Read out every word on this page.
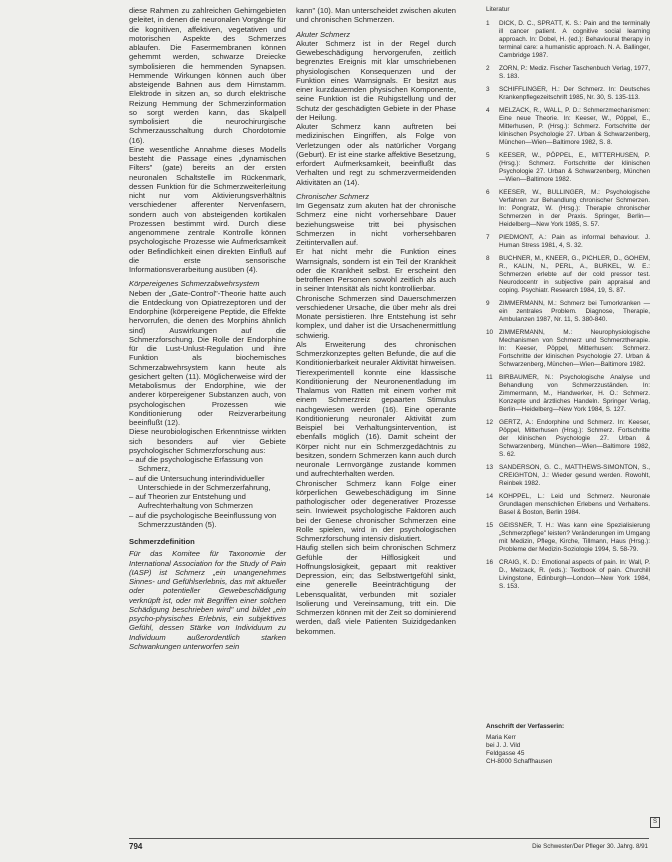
diese Rahmen zu zahlreichen Gehirngebieten geleitet, in denen die neuronalen Vorgänge für die kognitiven, affektiven, vegetativen und motorischen Aspekte des Schmerzes ablaufen. Die Fasermembranen können gehemmt werden, schwarze Dreiecke symbolisieren die hemmenden Synapsen. Hemmende Wirkungen können auch über absteigende Bahnen aus dem Hirnstamm. Elektrode in sitzen an, so durch elektrische Reizung Hemmung der Schmerzinformation so sorgt werden kann, das Skalpell symbolisiert die neurochirurgische Schmerzausschaltung durch Chordotomie (16).

Eine wesentliche Annahme dieses Modells besteht die Passage eines „dynamischen Filters" (gate) bereits an der ersten neuronalen Schaltstelle im Rückenmark, dessen Funktion für die Schmerzweiterleitung nicht nur vom Aktivierungsverhältnis verschiedener afferenter Nervenfasern, sondern auch von absteigenden kortikalen Prozessen bestimmt wird. Durch diese angenommene zentrale Kontrolle können psychologische Prozesse wie Aufmerksamkeit oder Befindlichkeit einen direkten Einfluß auf die erste sensorische Informationsverarbeitung ausüben (4).

Körpereigenes Schmerzabwehrsystem

Neben der „Gate-Control"-Theorie hatte auch die Entdeckung von Opiatrezeptoren und der Endorphine (körpereigene Peptide, die Effekte hervorrufen, die denen des Morphins ähnlich sind) Auswirkungen auf die Schmerzforschung. Die Rolle der Endorphine für die Lust-Unlust-Regulation und ihre Funktion als biochemisches Schmerzabwehrsystem kann heute als gesichert gelten (11). Möglicherweise wird der Metabolismus der Endorphine, wie der anderer körpereigener Substanzen auch, von psychologischen Prozessen wie Konditionierung oder Reizverarbeitung beeinflußt (12).

Diese neurobiologischen Erkenntnisse wirkten sich besonders auf vier Gebiete psychologischer Schmerzforschung aus:

– auf die psychologische Erfassung von Schmerz,
– auf die Untersuchung interindividueller Unterschiede in der Schmerzerfahrung,
– auf Theorien zur Entstehung und Aufrechterhaltung von Schmerzen
– auf die psychologische Beeinflussung von Schmerzzuständen (5).
Schmerzdefinition

Für das Komitee für Taxonomie der International Association for the Study of Pain (IASP) ist Schmerz „ein unangenehmes Sinnes- und Gefühlserlebnis, das mit aktueller oder potentieller Gewebeschädigung verknüpft ist, oder mit Begriffen einer solchen Schädigung beschrieben wird" und bildet „ein psycho-physisches Erlebnis, ein subjektives Gefühl, dessen Stärke von Individuum zu Individuum außerordentlich starken Schwankungen unterworfen sein

kann" (10). Man unterscheidet zwischen akuten und chronischen Schmerzen.

Akuter Schmerz

Akuter Schmerz ist in der Regel durch Gewebeschädigung hervorgerufen, zeitlich begrenztes Ereignis mit klar umschriebenen physiologischen Konsequenzen und der Funktion eines Warnsignals. Er besitzt aus einer kurzdauernden physischen Komponente, seine Funktion ist die Ruhigstellung und der Schutz der geschädigten Gebiete in der Phase der Heilung.

Akuter Schmerz kann auftreten bei medizinischen Eingriffen, als Folge von Verletzungen oder als natürlicher Vorgang (Geburt). Er ist eine starke affektive Besetzung, erfordert Aufmerksamkeit, beeinflußt das Verhalten und regt zu schmerzvermeidenden Aktivitäten an (14).

Chronischer Schmerz

Im Gegensatz zum akuten hat der chronische Schmerz eine nicht vorhersehbare Dauer beziehungsweise tritt bei physischen Schmerzen in nicht vorhersehbaren Zeitintervallen auf.

Er hat nicht mehr die Funktion eines Warnsignals, sondern ist ein Teil der Krankheit oder die Krankheit selbst. Er erscheint den betroffenen Personen sowohl zeitlich als auch in seiner Intensität als nicht kontrollierbar.

Chronische Schmerzen sind Dauerschmerzen verschiedener Ursache, die über mehr als drei Monate persistieren. Ihre Entstehung ist sehr komplex, und daher ist die Ursachenermittlung schwierig.

Als Erweiterung des chronischen Schmerzkonzeptes gelten Befunde, die auf die Konditionierbarkeit neuraler Aktivität hinweisen. Tierexperimentell konnte eine klassische Konditionierung der Neuronenentladung im Thalamus von Ratten mit einem vorher mit einem Schmerzreiz gepaarten Stimulus nachgewiesen werden (16). Eine operante Konditionierung neuronaler Aktivität zum Beispiel bei Verhaltungsintervention, ist ebenfalls möglich (16). Damit scheint der Körper nicht nur ein Schmerzgedächtnis zu besitzen, sondern Schmerzen kann auch durch neuronale Lernvorgänge zustande kommen und aufrechterhalten werden.

Chronischer Schmerz kann Folge einer körperlichen Gewebeschädigung im Sinne pathologischer oder degenerativer Prozesse sein. Inwieweit psychologische Faktoren auch bei der Genese chronischer Schmerzen eine Rolle spielen, wird in der psychologischen Schmerzforschung intensiv diskutiert.

Häufig stellen sich beim chronischen Schmerz Gefühle der Hilflosigkeit und Hoffnungslosigkeit, gepaart mit reaktiver Depression, ein; das Selbstwertgefühl sinkt, eine generelle Beeinträchtigung der Lebensqualität, verbunden mit sozialer Isolierung und Vereinsamung, tritt ein. Die Schmerzen können mit der Zeit so dominierend werden, daß viele Patienten Suizidgedanken bekommen.

Literatur
1 DICK, D. C., SPRATT, K. S.: Pain and the terminally ill cancer patient. A cognitive social learning approach. In: Dobel, H. (ed.): Behavioural therapy in terminal care: a humanistic approach. N. A. Ballinger, Cambridge 1987.
2 ZORN, P.: Mediz. Fischer Taschenbuch Verlag, 1977, S. 183.
3 SCHIFFLINGER, H.: Der Schmerz. In: Deutsches Krankenpflegezeitschrift 1985, Nr. 30, S. 135-113.
4 MELZACK, R., WALL, P. D.: Schmerzmechanismen: Eine neue Theorie. In: Keeser, W., Pöppel, E., Mitterhusen, P. (Hrsg.): Schmerz. Fortschritte der klinischen Psychologie 27. Urban & Schwarzenberg, München—Wien—Baltimore 1982, S. 8.
5 KEESER, W., PÖPPEL, E., MITTERHUSEN, P. (Hrsg.): Schmerz. Fortschritte der klinischen Psychologie 27. Urban & Schwarzenberg, München—Wien—Baltimore 1982.
6 KEESER, W., BULLINGER, M.: Psychologische Verfahren zur Behandlung chronischer Schmerzen. In: Pongratz, W. (Hrsg.): Therapie chronischer Schmerzen in der Praxis. Springer, Berlin—Heidelberg—New York 1985, S. 57.
7 PIEDMONT, A.: Pain as informal behaviour. J. Human Stress 1981, 4, S. 32.
8 BUCHNER, M., KNEER, G., PICHLER, D., GOHEM, R., KALIN, N., PERL, A., BURKEL, W. E.: Schmerzen erlebte auf der cold pressor test. Neurodocentr in subjective pain appraisal and coping. Psychiatr. Research 1984, 19, S. 87.
9 ZIMMERMANN, M.: Schmerz bei Tumorkranken — ein zentrales Problem. Diagnose, Therapie, Ambulanzen 1987, Nr. 11, S. 380-840.
10 ZIMMERMANN, M.: Neurophysiologische Mechanismen von Schmerz und Schmerztherapie. In: Keeser, Pöppel, Mitterhusen: Schmerz. Fortschritte der klinischen Psychologie 27. Urban & Schwarzenberg, München—Wien—Baltimore 1982.
11 BIRBAUMER, N.: Psychologische Analyse und Behandlung von Schmerzzuständen. In: Zimmermann, M., Handwerker, H. O.: Schmerz. Konzepte und ärztliches Handeln. Springer Verlag, Berlin—Heidelberg—New York 1984, S. 127.
12 GERTZ, A.: Endorphine und Schmerz. In: Keeser, Pöppel, Mitterhusen (Hrsg.): Schmerz. Fortschritte der klinischen Psychologie 27. Urban & Schwarzenberg, München—Wien—Baltimore 1982, S. 62.
13 SANDERSON, G. C., MATTHEWS-SIMONTON, S., CREIGHTON, J.: Wieder gesund werden. Rowohlt, Reinbek 1982.
14 KOHPPEL, L.: Leid und Schmerz. Neuronale Grundlagen menschlichen Erlebens und Verhaltens. Basel & Boston, Berlin 1984.
15 GEISSNER, T. H.: Was kann eine Spezialisierung „Schmerzpflege" leisten? Veränderungen im Umgang mit Medizin, Pflege, Kirche, Tillmann, Haus (Hrsg.): Probleme der Medizin-Soziologie 1994, S. 58-79.
16 CRAIG, K. D.: Emotional aspects of pain. In: Wall, P. D., Melzack, R. (eds.): Textbook of pain. Churchill Livingstone, Edinburgh—London—New York 1984, S. 153.
Anschrift der Verfasserin:
Maria Kerr
bei J. J. Vild
Feldgasse 45
CH-8000 Schaffhausen
S
794	Die Schwester/Der Pfleger 30. Jahrg. 8/91
